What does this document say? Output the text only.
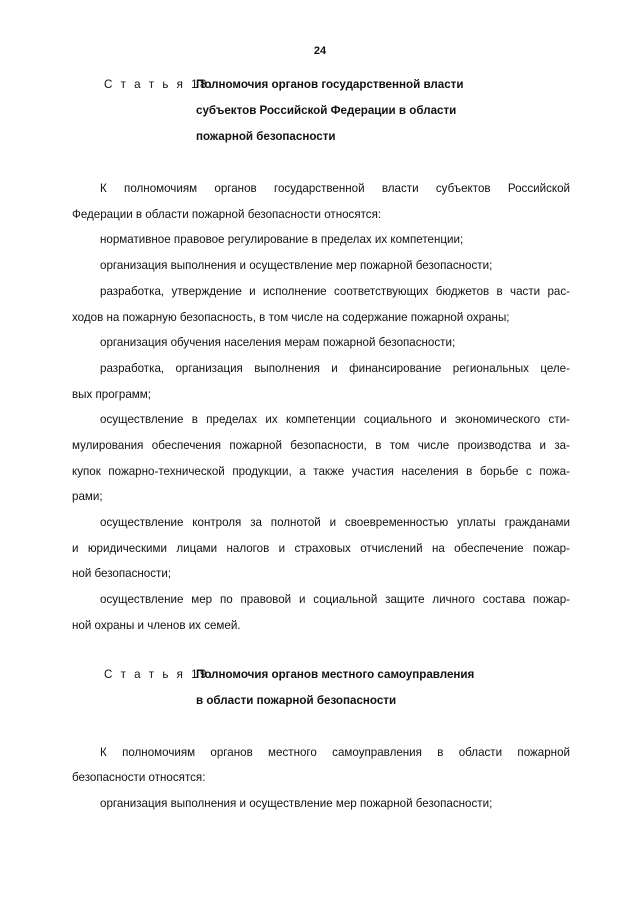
24
С т а т ь я 18.
Полномочия органов государственной власти
субъектов Российской Федерации в области
пожарной безопасности
К полномочиям органов государственной власти субъектов Российской
Федерации в области пожарной безопасности относятся:
нормативное правовое регулирование в пределах их компетенции;
организация выполнения и осуществление мер пожарной безопасности;
разработка, утверждение и исполнение соответствующих бюджетов в части рас-
ходов на пожарную безопасность, в том числе на содержание пожарной охраны;
организация обучения населения мерам пожарной безопасности;
разработка, организация выполнения и финансирование региональных целе-
вых программ;
осуществление в пределах их компетенции социального и экономического сти-
мулирования обеспечения пожарной безопасности, в том числе производства и за-
купок пожарно-технической продукции, а также участия населения в борьбе с пожа-
рами;
осуществление контроля за полнотой и своевременностью уплаты гражданами
и юридическими лицами налогов и страховых отчислений на обеспечение пожар-
ной безопасности;
осуществление мер по правовой и социальной защите личного состава пожар-
ной охраны и членов их семей.
С т а т ь я 19.
Полномочия органов местного самоуправления
в области пожарной безопасности
К полномочиям органов местного самоуправления в области пожарной
безопасности относятся:
организация выполнения и осуществление мер пожарной безопасности;
